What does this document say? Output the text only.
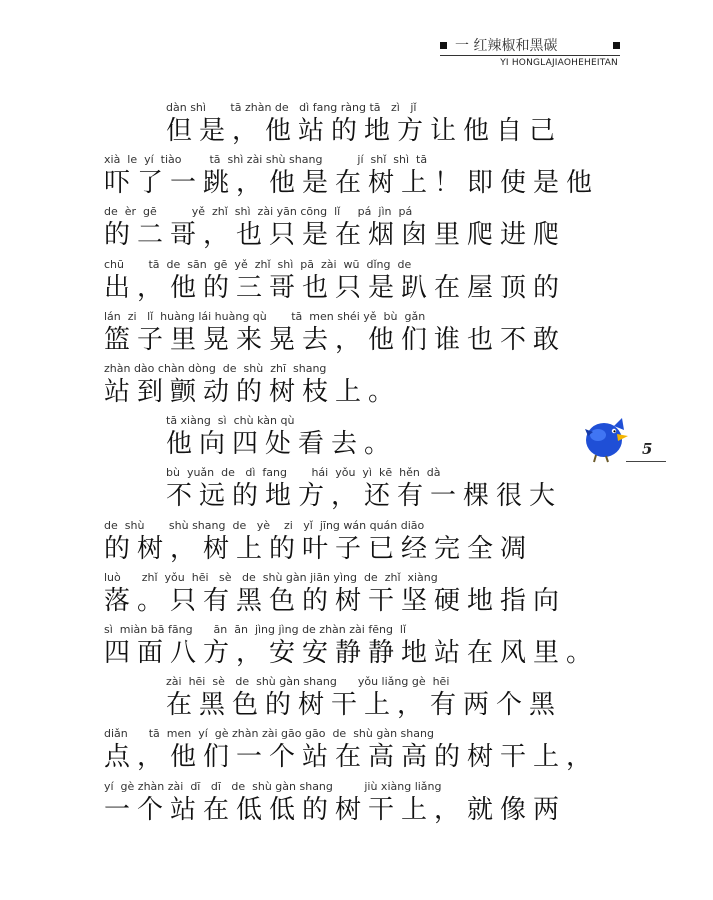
一 红辣椒和黑碳
YI HONGLAJIAOHEHEITAN
dàn shì       tā zhàn de   dì fang ràng tā   zì   jǐ
但是，他站的地方让他自己
xià  le  yí  tiào        tā  shì zài shù shang          jí  shǐ  shì  tā
吓了一跳，他是在树上！即使是他
de  èr  gē          yě  zhǐ  shì  zài yān cōng  lǐ     pá  jìn  pá
的二哥，也只是在烟囱里爬进爬
chū       tā  de  sān  gē  yě  zhǐ  shì  pā  zài  wū  dǐng  de
出，他的三哥也只是趴在屋顶的
lán  zi   lǐ  huàng lái huàng qù       tā  men shéi yě  bù  gǎn
篮子里晃来晃去，他们谁也不敢
zhàn dào chàn dòng  de  shù  zhī  shang
站到颤动的树枝上。
tā xiàng  sì  chù kàn qù
他向四处看去。
bù  yuǎn  de   dì  fang       hái  yǒu  yì  kē  hěn  dà
不远的地方，还有一棵很大
de  shù       shù shang  de   yè    zi   yǐ  jīng wán quán diāo
的树，树上的叶子已经完全凋
luò      zhǐ  yǒu  hēi   sè   de  shù gàn jiān yìng  de  zhǐ  xiàng
落。只有黑色的树干坚硬地指向
sì  miàn bā fāng      ān  ān  jìng jìng de zhàn zài fēng  lǐ
四面八方，安安静静地站在风里。
zài  hēi  sè   de  shù gàn shang      yǒu liǎng gè  hēi
在黑色的树干上，有两个黑
diǎn      tā  men  yí  gè zhàn zài gāo gāo  de  shù gàn shang
点，他们一个站在高高的树干上，
yí  gè zhàn zài  dī   dī   de  shù gàn shang         jiù xiàng liǎng
一个站在低低的树干上，就像两
5
